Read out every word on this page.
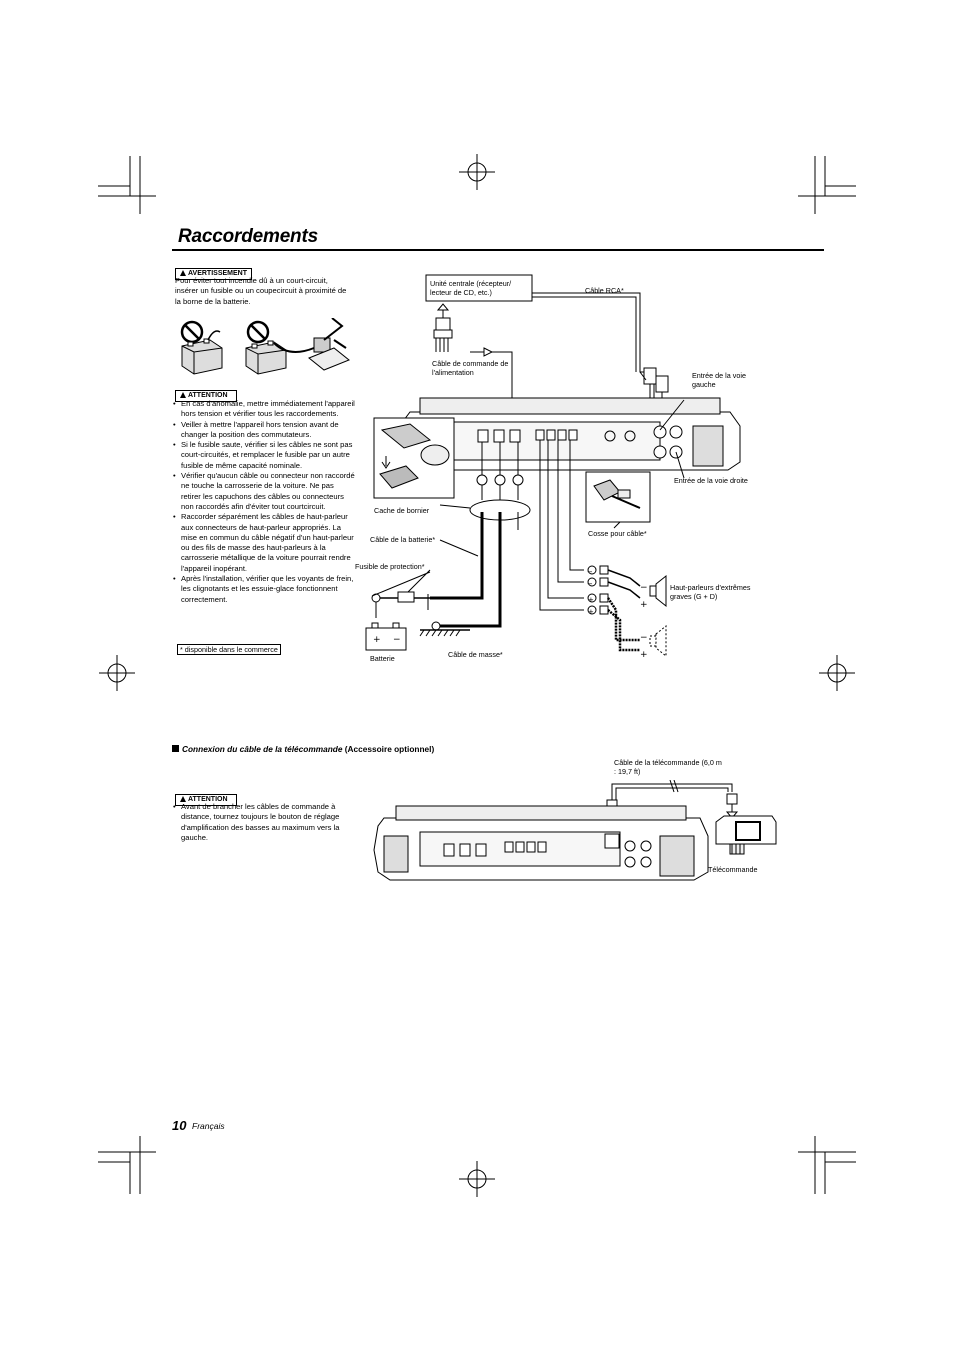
Raccordements
AVERTISSEMENT
Pour éviter tout incendie dû à un court-circuit, insérer un fusible ou un coupecircuit à proximité de la borne de la batterie.
ATTENTION
• En cas d'anomalie, mettre immédiatement l'appareil hors tension et vérifier tous les raccordements.
• Veiller à mettre l'appareil hors tension avant de changer la position des commutateurs.
• Si le fusible saute, vérifier si les câbles ne sont pas court-circuités, et remplacer le fusible par un autre fusible de même capacité nominale.
• Vérifier qu'aucun câble ou connecteur non raccordé ne touche la carrosserie de la voiture. Ne pas retirer les capuchons des câbles ou connecteurs non raccordés afin d'éviter tout courtcircuit.
• Raccorder séparément les câbles de haut-parleur aux connecteurs de haut-parleur appropriés. La mise en commun du câble négatif d'un haut-parleur ou des fils de masse des haut-parleurs à la carrosserie métallique de la voiture pourrait rendre l'appareil inopérant.
• Après l'installation, vérifier que les voyants de frein, les clignotants et les essuie-glace fonctionnent correctement.
* disponible dans le commerce
+ −
−
+
−
+
−
−
+
+
Unité centrale (récepteur/ lecteur de CD, etc.)	Câble RCA*
Câble de commande de l'alimentation	Entrée de la voie gauche
Entrée de la voie droite
Cache de bornier
Cosse pour câble*
Câble de la batterie*
Fusible de protection*
Haut-parleurs d'extrêmes graves (G + D)
Batterie	Câble de masse*
Connexion du câble de la télécommande (Accessoire optionnel)
ATTENTION
• Avant de brancher les câbles de commande à distance, tournez toujours le bouton de réglage d'amplification des basses au maximum vers la gauche.
Câble de la télécommande (6,0 m : 19,7 ft)
Télécommande
10 Français
